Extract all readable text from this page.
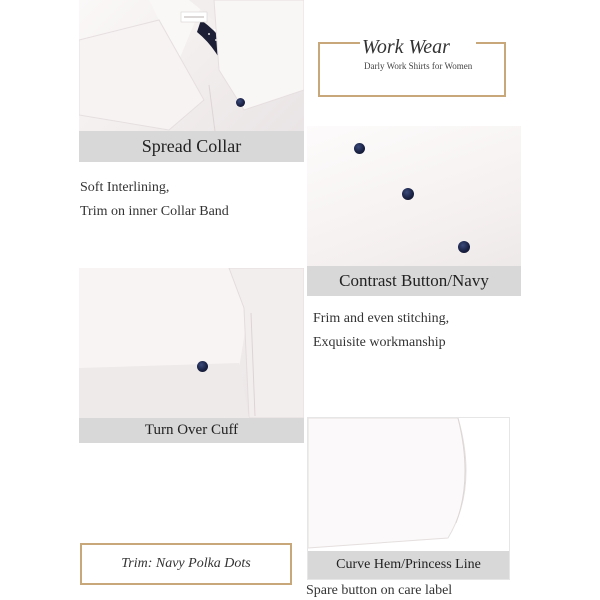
Spread Collar
Work Wear
Darly Work Shirts for Women
Soft Interlining,
Trim on inner Collar Band
Contrast Button/Navy
Frim and even stitching,
Exquisite workmanship
Turn Over Cuff
Curve Hem/Princess Line
Trim: Navy Polka Dots
Spare button on care label
